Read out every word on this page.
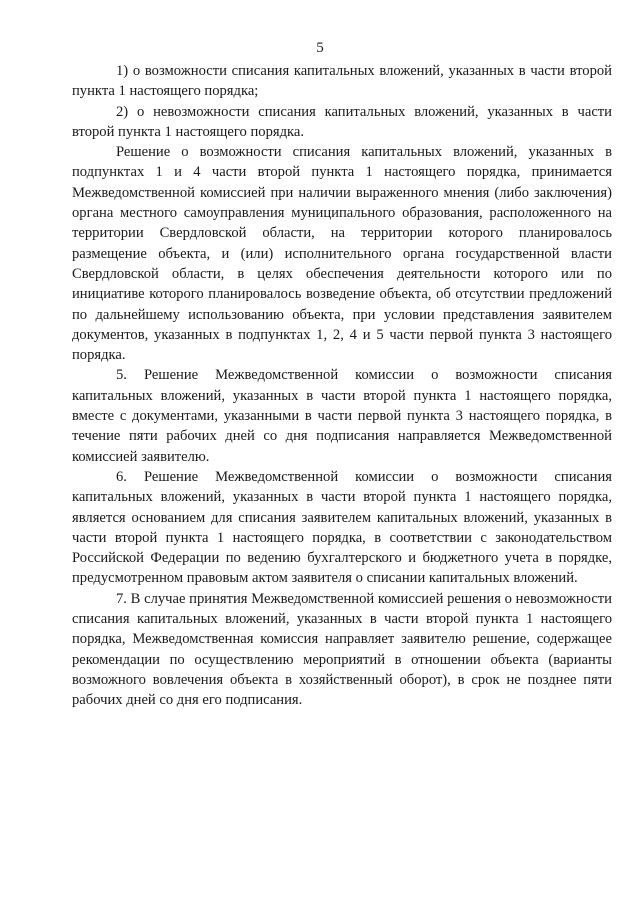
5

1) о возможности списания капитальных вложений, указанных в части второй пункта 1 настоящего порядка;

2) о невозможности списания капитальных вложений, указанных в части второй пункта 1 настоящего порядка.

Решение о возможности списания капитальных вложений, указанных в подпунктах 1 и 4 части второй пункта 1 настоящего порядка, принимается Межведомственной комиссией при наличии выраженного мнения (либо заключения) органа местного самоуправления муниципального образования, расположенного на территории Свердловской области, на территории которого планировалось размещение объекта, и (или) исполнительного органа государственной власти Свердловской области, в целях обеспечения деятельности которого или по инициативе которого планировалось возведение объекта, об отсутствии предложений по дальнейшему использованию объекта, при условии представления заявителем документов, указанных в подпунктах 1, 2, 4 и 5 части первой пункта 3 настоящего порядка.

5. Решение Межведомственной комиссии о возможности списания капитальных вложений, указанных в части второй пункта 1 настоящего порядка, вместе с документами, указанными в части первой пункта 3 настоящего порядка, в течение пяти рабочих дней со дня подписания направляется Межведомственной комиссией заявителю.

6. Решение Межведомственной комиссии о возможности списания капитальных вложений, указанных в части второй пункта 1 настоящего порядка, является основанием для списания заявителем капитальных вложений, указанных в части второй пункта 1 настоящего порядка, в соответствии с законодательством Российской Федерации по ведению бухгалтерского и бюджетного учета в порядке, предусмотренном правовым актом заявителя о списании капитальных вложений.

7. В случае принятия Межведомственной комиссией решения о невозможности списания капитальных вложений, указанных в части второй пункта 1 настоящего порядка, Межведомственная комиссия направляет заявителю решение, содержащее рекомендации по осуществлению мероприятий в отношении объекта (варианты возможного вовлечения объекта в хозяйственный оборот), в срок не позднее пяти рабочих дней со дня его подписания.
